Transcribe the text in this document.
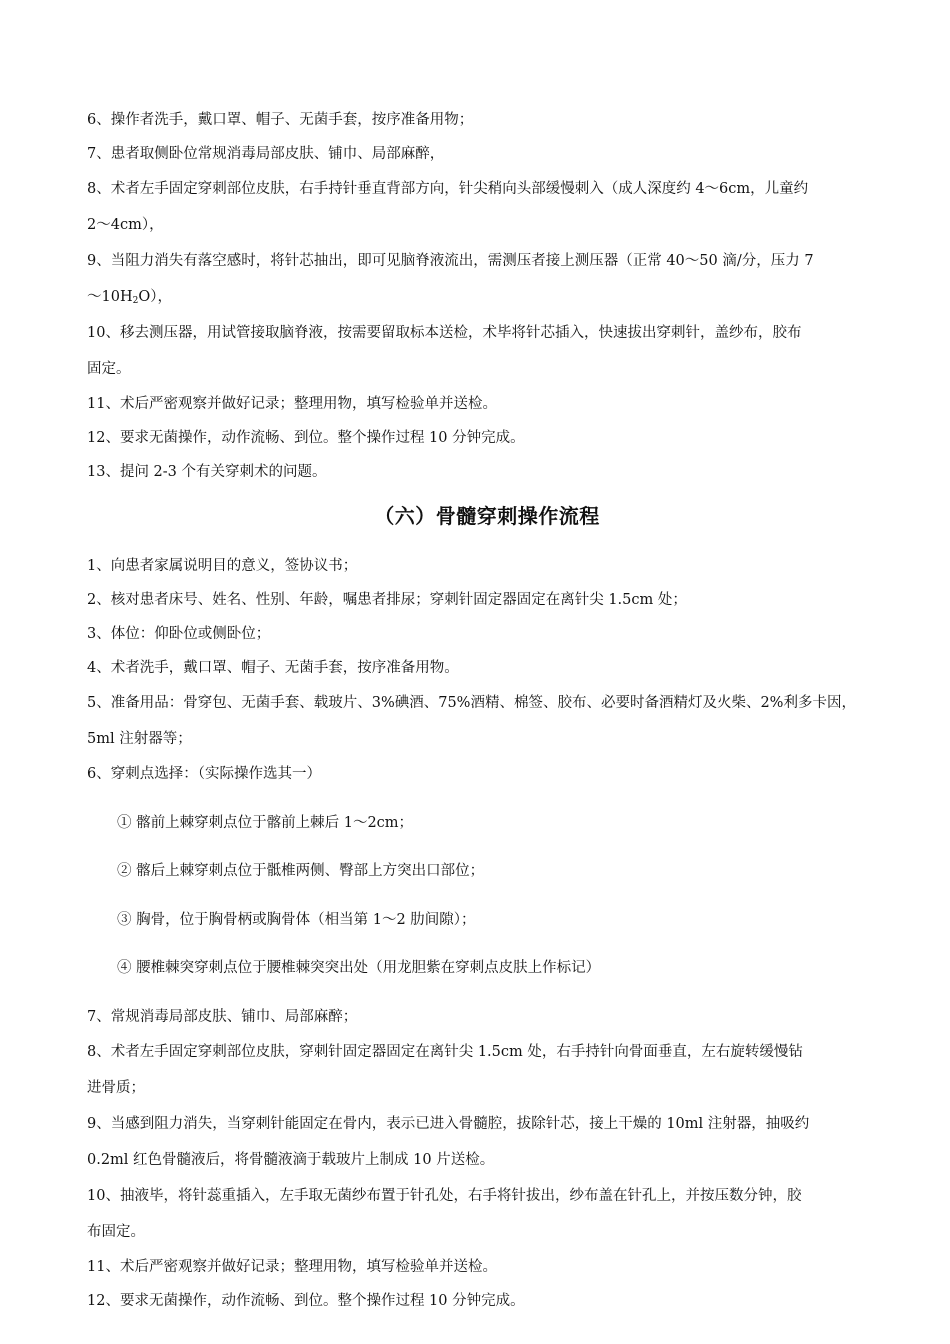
6、操作者洗手，戴口罩、帽子、无菌手套，按序准备用物；

7、患者取侧卧位常规消毒局部皮肤、铺巾、局部麻醉，

8、术者左手固定穿刺部位皮肤，右手持针垂直背部方向，针尖稍向头部缓慢刺入（成人深度约 4～6cm，儿童约
2～4cm），

9、当阻力消失有落空感时，将针芯抽出，即可见脑脊液流出，需测压者接上测压器（正常 40～50 滴/分，压力 7
$\sim 10H_2O$），

10、移去测压器，用试管接取脑脊液，按需要留取标本送检，术毕将针芯插入，快速拔出穿刺针，盖纱布，胶布
固定。

11、术后严密观察并做好记录；整理用物，填写检验单并送检。

12、要求无菌操作，动作流畅、到位。整个操作过程 10 分钟完成。

13、提问 2-3 个有关穿刺术的问题。

（六）骨髓穿刺操作流程

1、向患者家属说明目的意义，签协议书；

2、核对患者床号、姓名、性别、年龄，嘱患者排尿；穿刺针固定器固定在离针尖 1.5cm 处；

3、体位：仰卧位或侧卧位；

4、术者洗手，戴口罩、帽子、无菌手套，按序准备用物。

5、准备用品：骨穿包、无菌手套、载玻片、3%碘酒、75%酒精、棉签、胶布、必要时备酒精灯及火柴、2%利多卡因，
5ml 注射器等；

6、穿刺点选择：（实际操作选其一）

① 髂前上棘穿刺点位于髂前上棘后 1～2cm；

② 髂后上棘穿刺点位于骶椎两侧、臀部上方突出口部位；

③ 胸骨，位于胸骨柄或胸骨体（相当第 1～2 肋间隙）；

④ 腰椎棘突穿刺点位于腰椎棘突突出处（用龙胆紫在穿刺点皮肤上作标记）

7、常规消毒局部皮肤、铺巾、局部麻醉；

8、术者左手固定穿刺部位皮肤，穿刺针固定器固定在离针尖 1.5cm 处，右手持针向骨面垂直，左右旋转缓慢钻
进骨质；

9、当感到阻力消失，当穿刺针能固定在骨内，表示已进入骨髓腔，拔除针芯，接上干燥的 10ml 注射器，抽吸约
0.2ml 红色骨髓液后，将骨髓液滴于载玻片上制成 10 片送检。

10、抽液毕，将针蕊重插入，左手取无菌纱布置于针孔处，右手将针拔出，纱布盖在针孔上，并按压数分钟，胶
布固定。

11、术后严密观察并做好记录；整理用物，填写检验单并送检。

12、要求无菌操作，动作流畅、到位。整个操作过程 10 分钟完成。
